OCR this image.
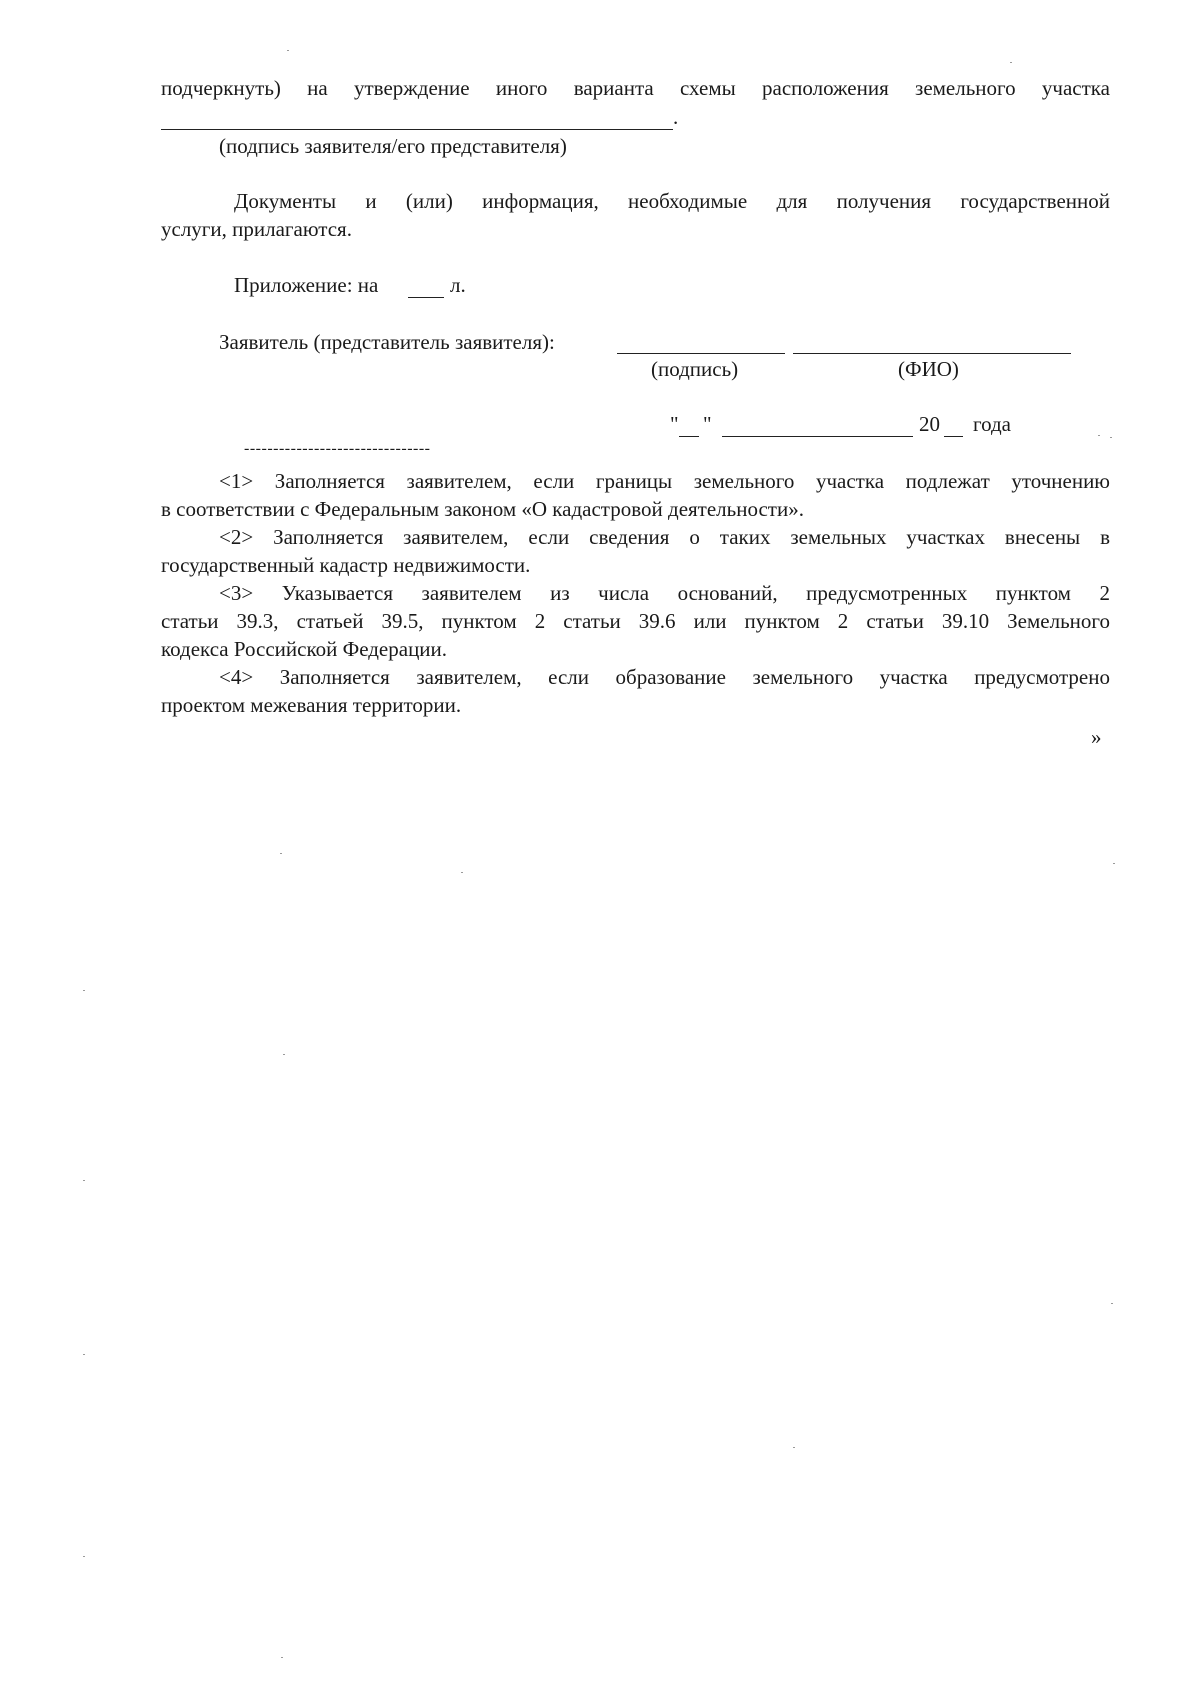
подчеркнуть) на утверждение иного варианта схемы расположения земельного участка
.
(подпись заявителя/его представителя)
Документы и (или) информация, необходимые для получения государственной
услуги, прилагаются.
Приложение: на	л.
Заявитель (представитель заявителя):
(подпись)	(ФИО)
" "	20 года
--------------------------------
<1> Заполняется заявителем, если границы земельного участка подлежат уточнению
в соответствии с Федеральным законом «О кадастровой деятельности».
<2> Заполняется заявителем, если сведения о таких земельных участках внесены в
государственный кадастр недвижимости.
<3> Указывается заявителем из числа оснований, предусмотренных пунктом 2
статьи 39.3, статьей 39.5, пунктом 2 статьи 39.6 или пунктом 2 статьи 39.10 Земельного
кодекса Российской Федерации.
<4> Заполняется заявителем, если образование земельного участка предусмотрено
проектом межевания территории.
»
